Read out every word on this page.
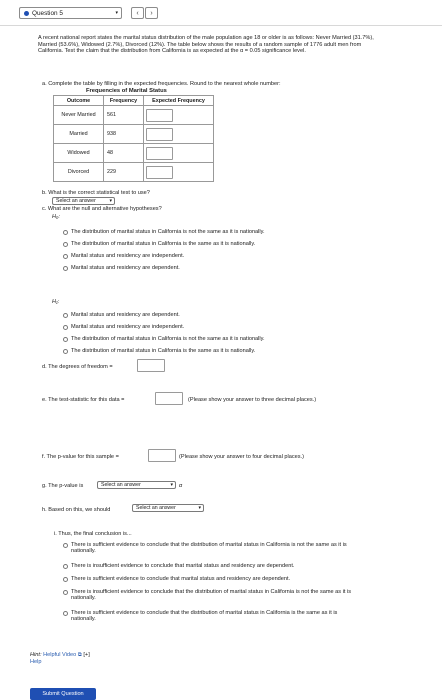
Question 5	▾	‹ ›
A recent national report states the marital status distribution of the male population age 18 or older is as follows: Never Married (31.7%), Married (53.6%), Widowed (2.7%), Divorced (12%). The table below shows the results of a random sample of 1776 adult men from California. Test the claim that the distribution from California is as expected at the α = 0.05 significance level.
a. Complete the table by filling in the expected frequencies. Round to the nearest whole number:
Frequencies of Marital Status
Outcome	Frequency	Expected Frequency
Never Married	561	

Married	938	

Widowed	48	

Divorced	229	
b. What is the correct statistical test to use?
Select an answer	▾
c. What are the null and alternative hypotheses?
H₀:
The distribution of marital status in California is not the same as it is nationally.
The distribution of marital status in California is the same as it is nationally.
Marital status and residency are independent.
Marital status and residency are dependent.
H₁:
Marital status and residency are dependent.
Marital status and residency are independent.
The distribution of marital status in California is not the same as it is nationally.
The distribution of marital status in California is the same as it is nationally.
d. The degrees of freedom =
e. The test-statistic for this data =	(Please show your answer to three decimal places.)
f. The p-value for this sample =	(Please show your answer to four decimal places.)
g. The p-value is	Select an answer	▾ α
h. Based on this, we should	Select an answer	▾
i. Thus, the final conclusion is...
There is sufficient evidence to conclude that the distribution of marital status in California is not the same as it is nationally.
There is insufficient evidence to conclude that marital status and residency are dependent.
There is sufficient evidence to conclude that marital status and residency are dependent.
There is insufficient evidence to conclude that the distribution of marital status in California is not the same as it is nationally.
There is sufficient evidence to conclude that the distribution of marital status in California is the same as it is nationally.
Hint: Helpful Video ⧉ [+]
Help
Submit Question
